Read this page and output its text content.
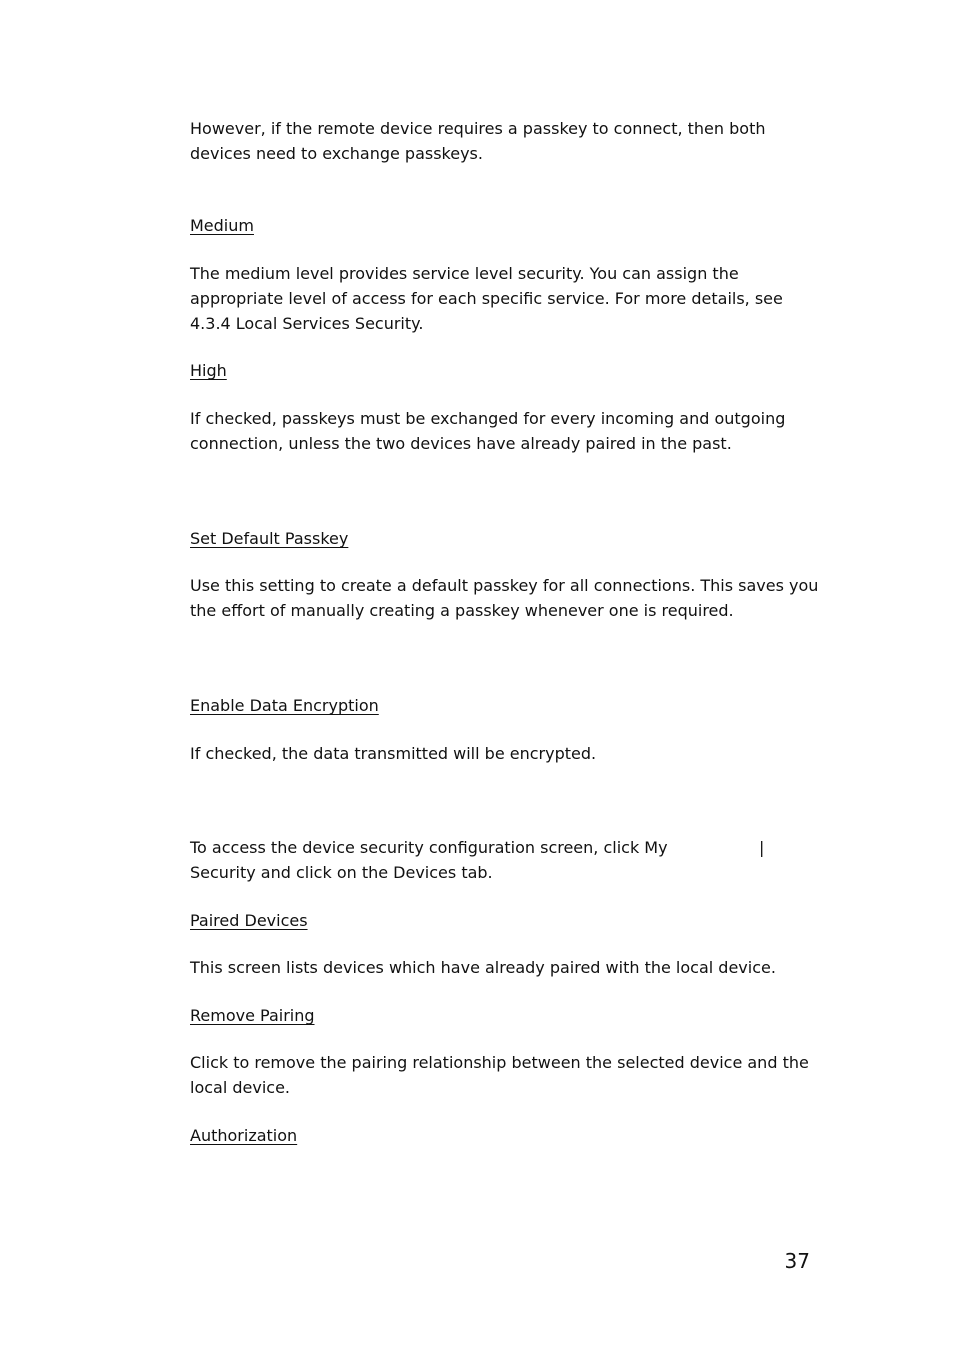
However, if the remote device requires a passkey to connect, then both devices need to exchange passkeys.

Medium

The medium level provides service level security. You can assign the appropriate level of access for each specific service. For more details, see 4.3.4 Local Services Security.

High

If checked, passkeys must be exchanged for every incoming and outgoing connection, unless the two devices have already paired in the past.

Set Default Passkey

Use this setting to create a default passkey for all connections. This saves you the effort of manually creating a passkey whenever one is required.

Enable Data Encryption

If checked, the data transmitted will be encrypted.

To access the device security configuration screen, click My	|

Security and click on the Devices tab.

Paired Devices

This screen lists devices which have already paired with the local device.

Remove Pairing

Click to remove the pairing relationship between the selected device and the local device.

Authorization

37
